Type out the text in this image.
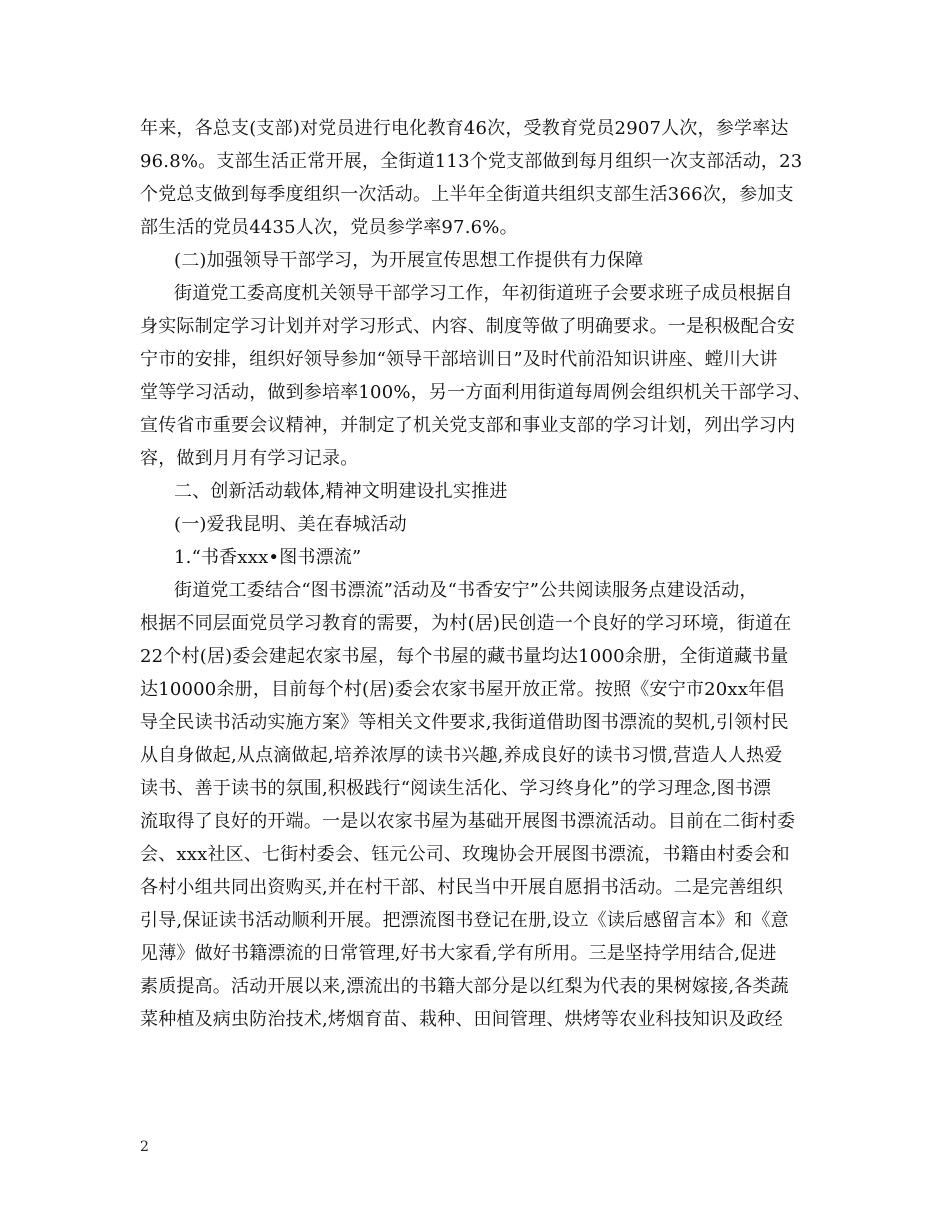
年来，各总支(支部)对党员进行电化教育46次，受教育党员2907人次，参学率达
96.8%。支部生活正常开展，全街道113个党支部做到每月组织一次支部活动，23
个党总支做到每季度组织一次活动。上半年全街道共组织支部生活366次，参加支
部生活的党员4435人次，党员参学率97.6%。
(二)加强领导干部学习，为开展宣传思想工作提供有力保障
街道党工委高度机关领导干部学习工作，年初街道班子会要求班子成员根据自
身实际制定学习计划并对学习形式、内容、制度等做了明确要求。一是积极配合安
宁市的安排，组织好领导参加“领导干部培训日”及时代前沿知识讲座、螳川大讲
堂等学习活动，做到参培率100%，另一方面利用街道每周例会组织机关干部学习、
宣传省市重要会议精神，并制定了机关党支部和事业支部的学习计划，列出学习内
容，做到月月有学习记录。
二、创新活动载体,精神文明建设扎实推进
(一)爱我昆明、美在春城活动
1.“书香xxx•图书漂流”
街道党工委结合“图书漂流”活动及“书香安宁”公共阅读服务点建设活动，
根据不同层面党员学习教育的需要，为村(居)民创造一个良好的学习环境，街道在
22个村(居)委会建起农家书屋，每个书屋的藏书量均达1000余册，全街道藏书量
达10000余册，目前每个村(居)委会农家书屋开放正常。按照《安宁市20xx年倡
导全民读书活动实施方案》等相关文件要求,我街道借助图书漂流的契机,引领村民
从自身做起,从点滴做起,培养浓厚的读书兴趣,养成良好的读书习惯,营造人人热爱
读书、善于读书的氛围,积极践行“阅读生活化、学习终身化”的学习理念,图书漂
流取得了良好的开端。一是以农家书屋为基础开展图书漂流活动。目前在二街村委
会、xxx社区、七街村委会、钰元公司、玫瑰协会开展图书漂流，书籍由村委会和
各村小组共同出资购买,并在村干部、村民当中开展自愿捐书活动。二是完善组织
引导,保证读书活动顺利开展。把漂流图书登记在册,设立《读后感留言本》和《意
见薄》做好书籍漂流的日常管理,好书大家看,学有所用。三是坚持学用结合,促进
素质提高。活动开展以来,漂流出的书籍大部分是以红梨为代表的果树嫁接,各类蔬
菜种植及病虫防治技术,烤烟育苗、栽种、田间管理、烘烤等农业科技知识及政经
2
